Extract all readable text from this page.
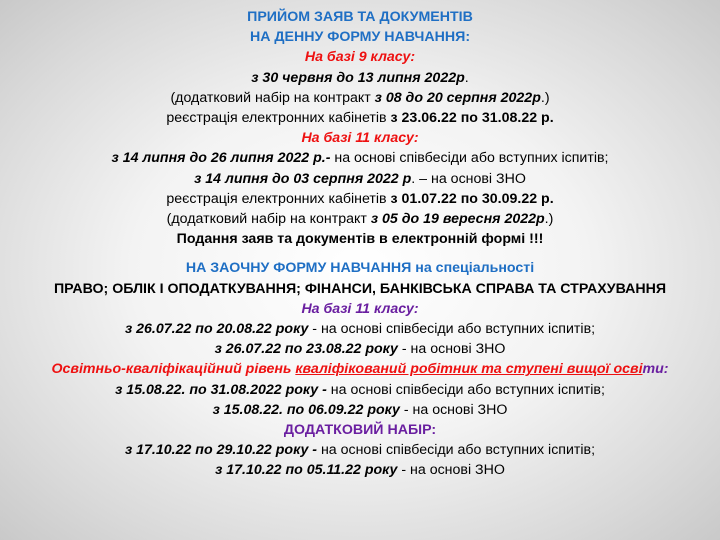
ПРИЙОМ ЗАЯВ ТА ДОКУМЕНТІВ
НА ДЕННУ ФОРМУ НАВЧАННЯ:
На базі 9 класу:
з 30 червня до 13 липня 2022р.
(додатковий набір на контракт з 08 до 20 серпня 2022р.)
реєстрація електронних кабінетів з 23.06.22 по 31.08.22 р.
На базі 11 класу:
з 14 липня до 26 липня 2022 р.- на основі співбесіди або вступних іспитів;
з 14 липня до 03 серпня 2022 р. – на основі ЗНО
реєстрація електронних кабінетів з 01.07.22 по 30.09.22 р.
(додатковий набір на контракт з 05 до 19 вересня 2022р.)
Подання заяв та документів в електронній формі !!!
НА ЗАОЧНУ ФОРМУ НАВЧАННЯ на спеціальності
ПРАВО; ОБЛІК І ОПОДАТКУВАННЯ; ФІНАНСИ, БАНКІВСЬКА СПРАВА ТА СТРАХУВАННЯ
На базі 11 класу:
з 26.07.22 по 20.08.22 року - на основі співбесіди або вступних іспитів;
з 26.07.22 по 23.08.22 року - на основі ЗНО
Освітньо-кваліфікаційний рівень кваліфікований робітник та ступені вищої освіти:
з 15.08.22. по 31.08.2022 року - на основі співбесіди або вступних іспитів;
з 15.08.22. по 06.09.22 року - на основі ЗНО
ДОДАТКОВИЙ НАБІР:
з 17.10.22 по 29.10.22 року - на основі співбесіди або вступних іспитів;
з 17.10.22 по 05.11.22 року - на основі ЗНО
